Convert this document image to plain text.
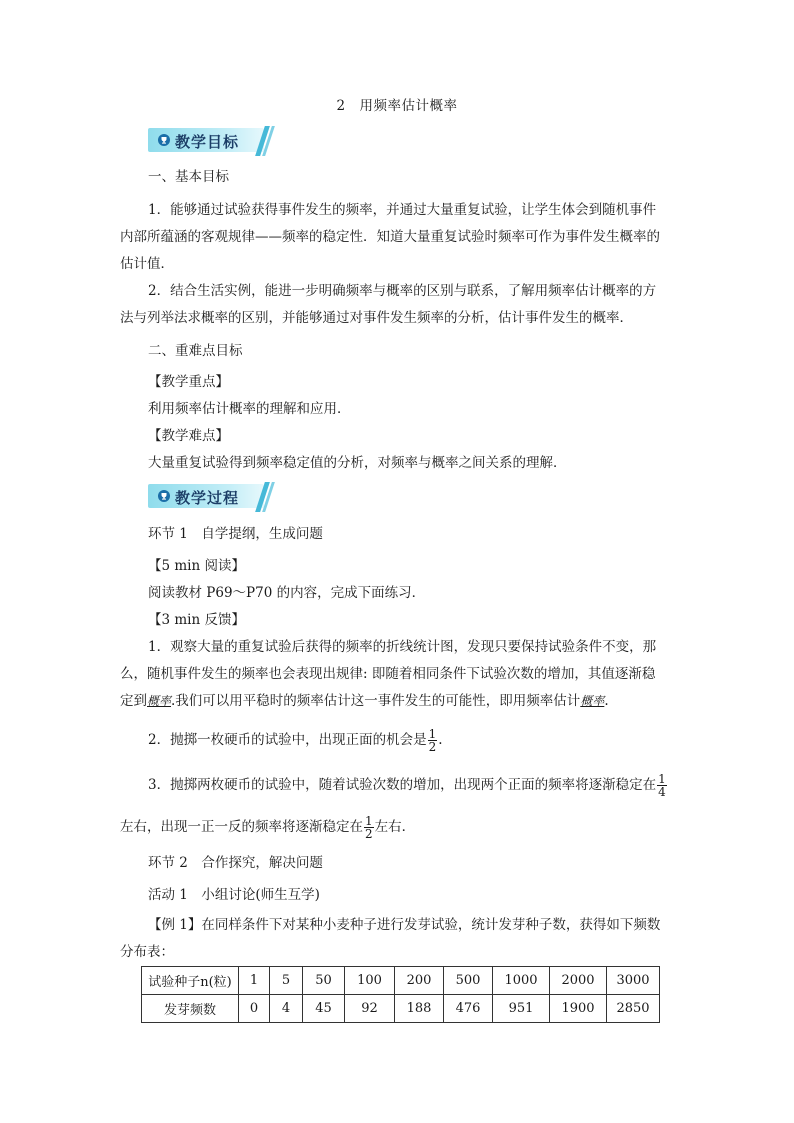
2　用频率估计概率
教学目标
一、基本目标
1．能够通过试验获得事件发生的频率，并通过大量重复试验，让学生体会到随机事件
内部所蕴涵的客观规律——频率的稳定性．知道大量重复试验时频率可作为事件发生概率的
估计值．
2．结合生活实例，能进一步明确频率与概率的区别与联系，了解用频率估计概率的方
法与列举法求概率的区别，并能够通过对事件发生频率的分析，估计事件发生的概率．
二、重难点目标
【教学重点】
利用频率估计概率的理解和应用．
【教学难点】
大量重复试验得到频率稳定值的分析，对频率与概率之间关系的理解．
教学过程
环节 1　自学提纲，生成问题
【5 min 阅读】
阅读教材 P69～P70 的内容，完成下面练习．
【3 min 反馈】
1．观察大量的重复试验后获得的频率的折线统计图，发现只要保持试验条件不变，那
么，随机事件发生的频率也会表现出规律: 即随着相同条件下试验次数的增加，其值逐渐稳
定到概率.我们可以用平稳时的频率估计这一事件发生的可能性，即用频率估计概率.
2．抛掷一枚硬币的试验中，出现正面的机会是 $\frac{1}{2}$ .
3．抛掷两枚硬币的试验中，随着试验次数的增加，出现两个正面的频率将逐渐稳定在 $\frac{1}{4}$
左右，出现一正一反的频率将逐渐稳定在 $\frac{1}{2}$ 左右．
环节 2　合作探究，解决问题
活动 1　小组讨论(师生互学)
【例 1】在同样条件下对某种小麦种子进行发芽试验，统计发芽种子数，获得如下频数
分布表：
试验种子n(粒)	1	5	50	100	200	500	1000	2000	3000
发芽频数	0	4	45	92	188	476	951	1900	2850
